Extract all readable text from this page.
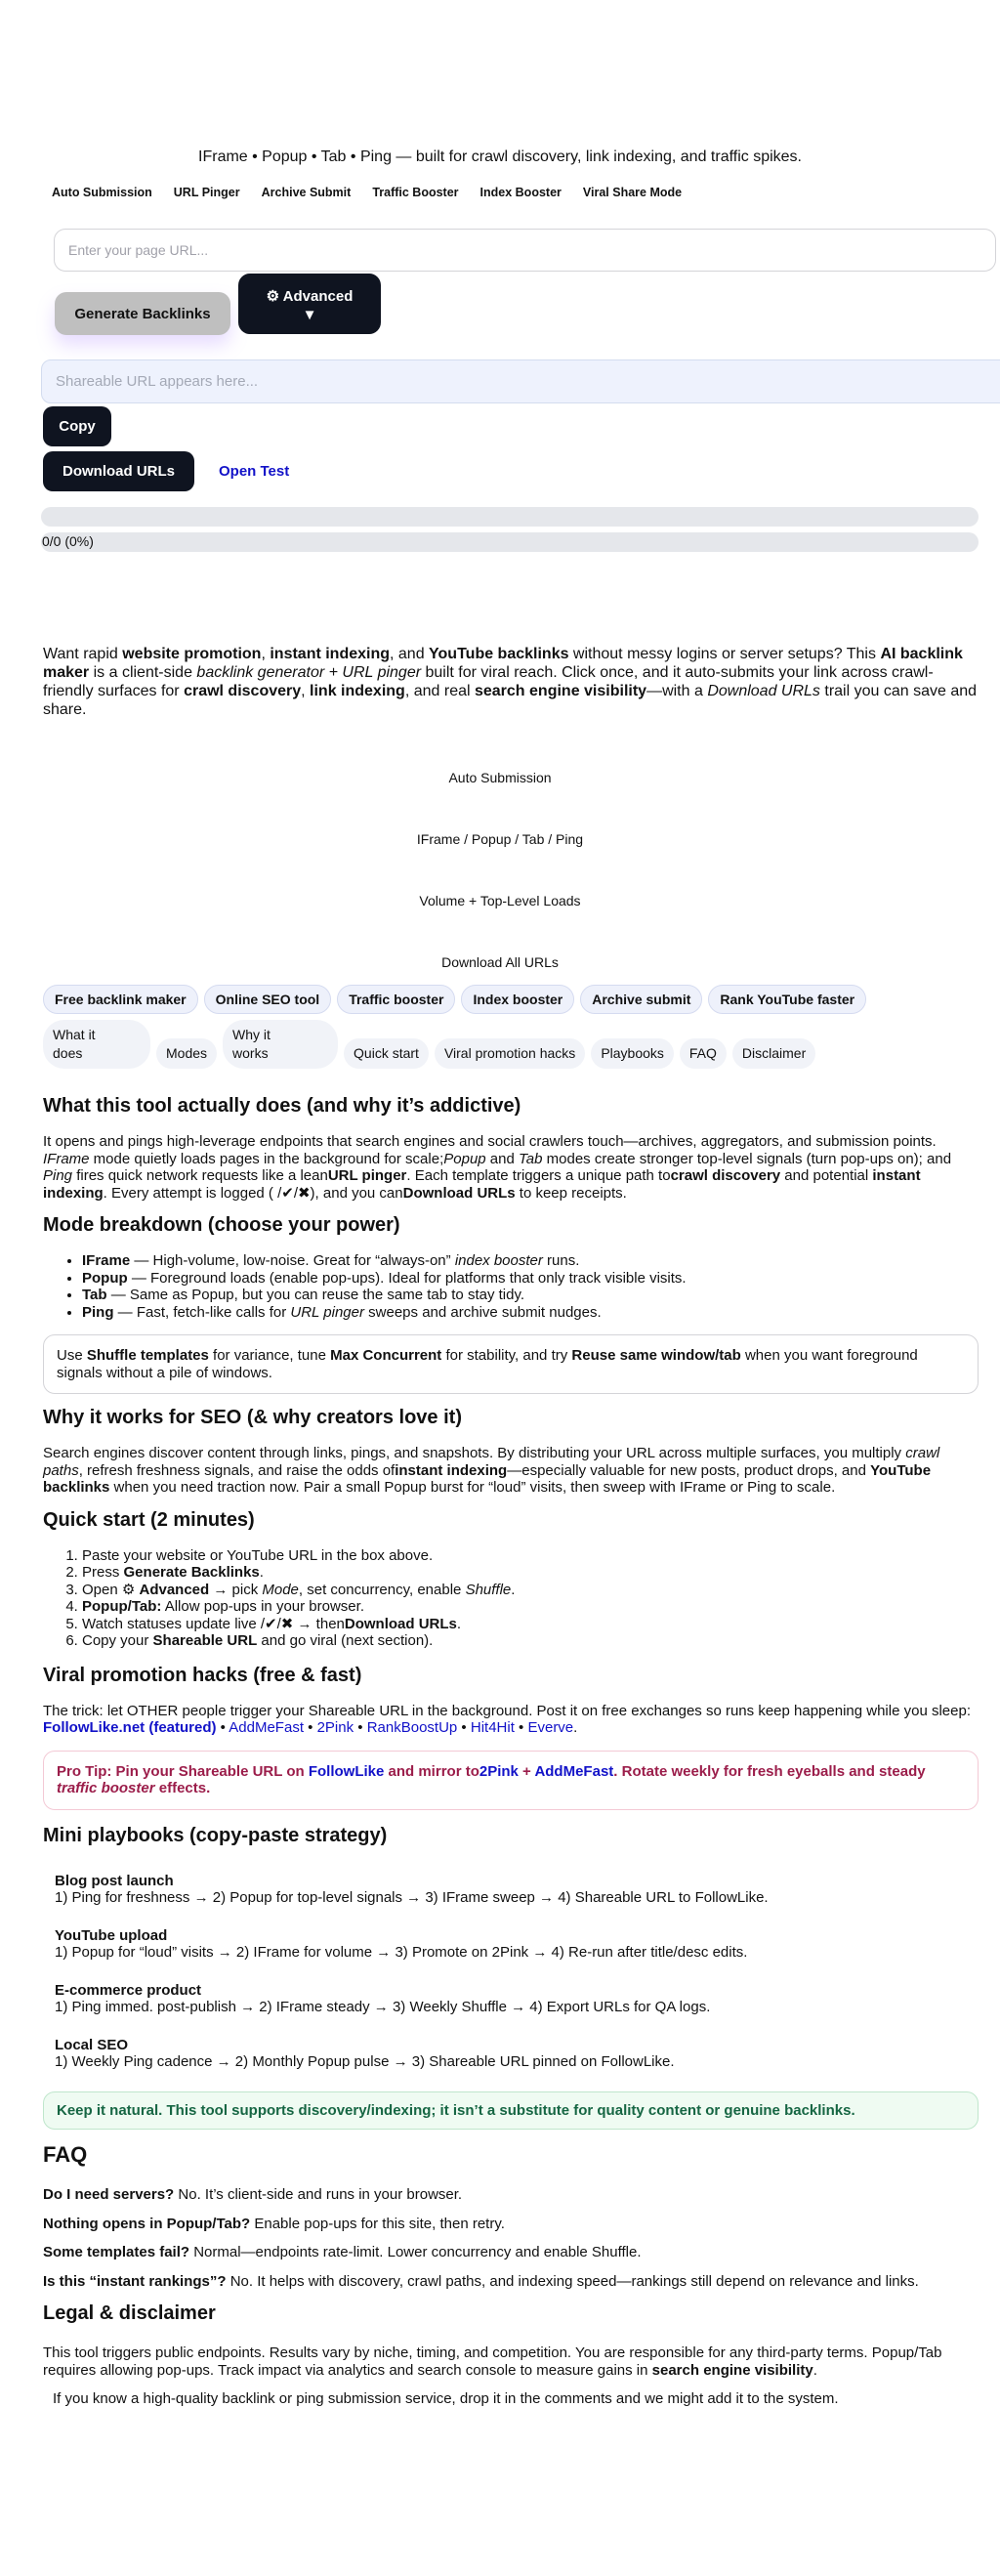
IFrame • Popup • Tab • Ping — built for crawl discovery, link indexing, and traffic spikes.
Auto Submission URL Pinger Archive Submit Traffic Booster Index Booster Viral Share Mode
Enter your page URL...
Generate Backlinks
⚙ Advanced
▼
Shareable URL appears here...
Copy
Download URLs	Open Test
0/0 (0%)
Want rapid website promotion, instant indexing, and YouTube backlinks without messy logins or server setups? This AI backlink maker is a client-side backlink generator + URL pinger built for viral reach. Click once, and it auto-submits your link across crawl-friendly surfaces for crawl discovery, link indexing, and real search engine visibility—with a Download URLs trail you can save and share.
Auto Submission
IFrame / Popup / Tab / Ping
Volume + Top-Level Loads
Download All URLs
Free backlink maker	Online SEO tool	Traffic booster	Index booster	Archive submit	Rank YouTube faster
What it does	Modes
Why it works	Quick start	Viral promotion hacks	Playbooks	FAQ	Disclaimer
What this tool actually does (and why it’s addictive)

It opens and pings high-leverage endpoints that search engines and social crawlers touch—archives, aggregators, and submission points. IFrame mode quietly loads pages in the background for scale;Popup and Tab modes create stronger top-level signals (turn pop-ups on); and Ping fires quick network requests like a leanURL pinger. Each template triggers a unique path tocrawl discovery and potential instant indexing. Every attempt is logged ( /✔/✖), and you canDownload URLs to keep receipts.

Mode breakdown (choose your power)
• IFrame — High-volume, low-noise. Great for “always-on” index booster runs.
• Popup — Foreground loads (enable pop-ups). Ideal for platforms that only track visible visits.
• Tab — Same as Popup, but you can reuse the same tab to stay tidy.
• Ping — Fast, fetch-like calls for URL pinger sweeps and archive submit nudges.
Use Shuffle templates for variance, tune Max Concurrent for stability, and try Reuse same window/tab when you want foreground signals without a pile of windows.
Why it works for SEO (& why creators love it)

Search engines discover content through links, pings, and snapshots. By distributing your URL across multiple surfaces, you multiply crawl paths, refresh freshness signals, and raise the odds ofinstant indexing—especially valuable for new posts, product drops, and YouTube backlinks when you need traction now. Pair a small Popup burst for “loud” visits, then sweep with IFrame or Ping to scale.

Quick start (2 minutes)
1. Paste your website or YouTube URL in the box above.
2. Press Generate Backlinks.
3. Open ⚙ Advanced → pick Mode, set concurrency, enable Shuffle.
4. Popup/Tab: Allow pop-ups in your browser.
5. Watch statuses update live /✔/✖ → thenDownload URLs.
6. Copy your Shareable URL and go viral (next section).
Viral promotion hacks (free & fast)

The trick: let OTHER people trigger your Shareable URL in the background. Post it on free exchanges so runs keep happening while you sleep: FollowLike.net (featured) • AddMeFast • 2Pink • RankBoostUp • Hit4Hit • Everve.

Pro Tip: Pin your Shareable URL on FollowLike and mirror to2Pink + AddMeFast. Rotate weekly for fresh eyeballs and steady traffic booster effects.
Mini playbooks (copy-paste strategy)
Blog post launch
1) Ping for freshness → 2) Popup for top-level signals → 3) IFrame sweep → 4) Shareable URL to FollowLike.
YouTube upload
1) Popup for “loud” visits → 2) IFrame for volume → 3) Promote on 2Pink → 4) Re-run after title/desc edits.
E-commerce product
1) Ping immed. post-publish → 2) IFrame steady → 3) Weekly Shuffle → 4) Export URLs for QA logs.
Local SEO
1) Weekly Ping cadence → 2) Monthly Popup pulse → 3) Shareable URL pinned on FollowLike.
Keep it natural. This tool supports discovery/indexing; it isn’t a substitute for quality content or genuine backlinks.
FAQ

Do I need servers? No. It’s client-side and runs in your browser.

Nothing opens in Popup/Tab? Enable pop-ups for this site, then retry.

Some templates fail? Normal—endpoints rate-limit. Lower concurrency and enable Shuffle.

Is this “instant rankings”? No. It helps with discovery, crawl paths, and indexing speed—rankings still depend on relevance and links.

Legal & disclaimer

This tool triggers public endpoints. Results vary by niche, timing, and competition. You are responsible for any third-party terms. Popup/Tab requires allowing pop-ups. Track impact via analytics and search console to measure gains in search engine visibility.

If you know a high-quality backlink or ping submission service, drop it in the comments and we might add it to the system.
